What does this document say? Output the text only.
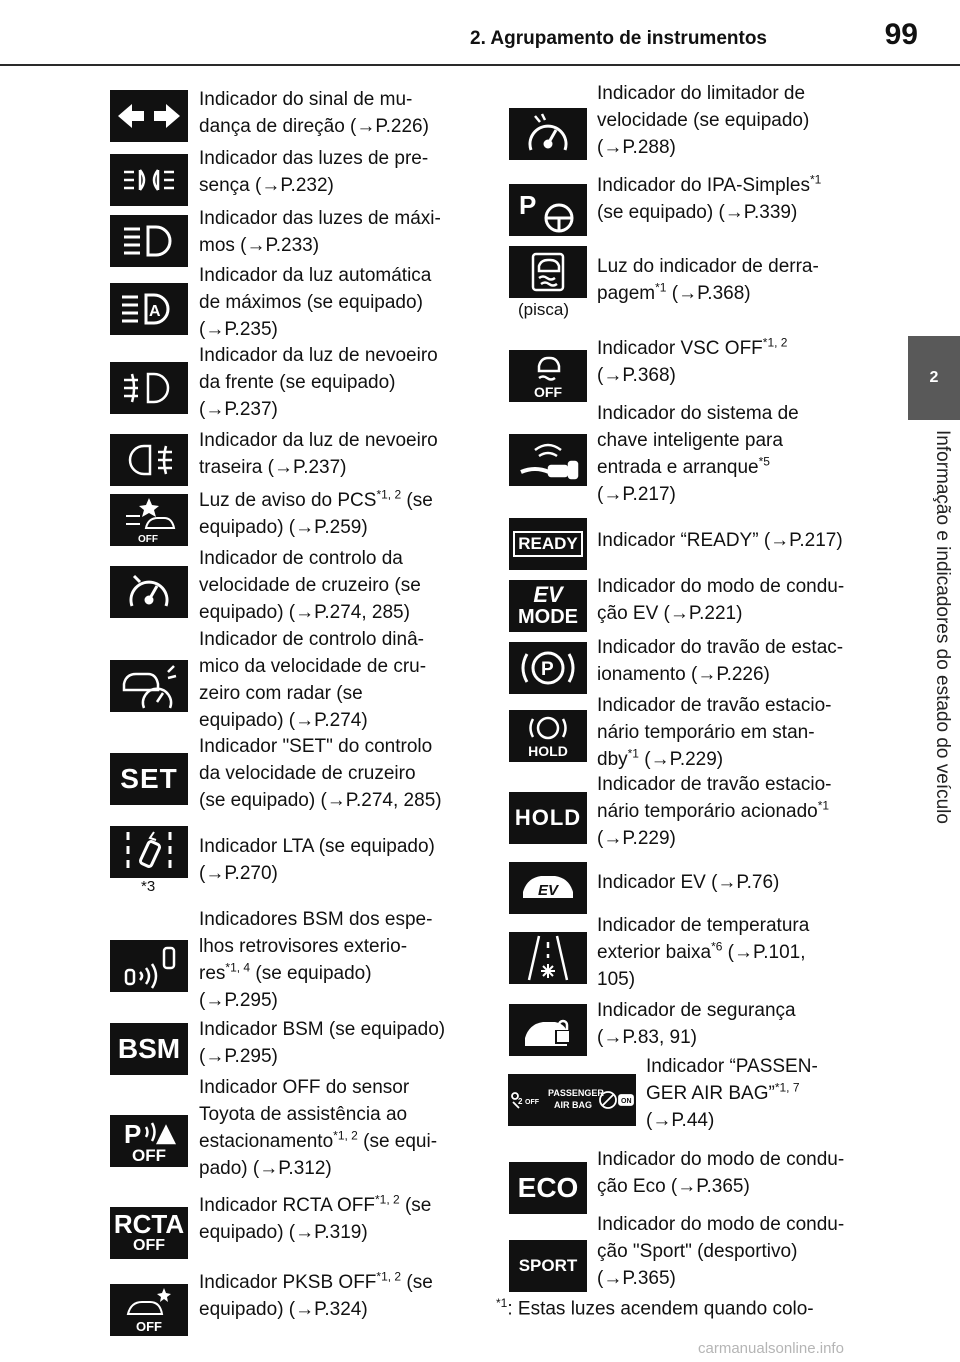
2. Agrupamento de instrumentos	99
2
Informação e indicadores do estado do veículo
Indicador do sinal de mu-
dança de direção (→P.226)
Indicador das luzes de pre-
sença (→P.232)
Indicador das luzes de máxi-
mos (→P.233)
A
Indicador da luz automática
de máximos (se equipado)
(→P.235)
Indicador da luz de nevoeiro
da frente (se equipado)
(→P.237)
Indicador da luz de nevoeiro
traseira (→P.237)
OFF
Luz de aviso do PCS$^{*1, 2}$ (se
equipado) (→P.259)
Indicador de controlo da
velocidade de cruzeiro (se
equipado) (→P.274, 285)
Indicador de controlo dinâ-
mico da velocidade de cru-
zeiro com radar (se
equipado) (→P.274)
SET
Indicador "SET" do controlo
da velocidade de cruzeiro
(se equipado) (→P.274, 285)
*3
Indicador LTA (se equipado)
(→P.270)
Indicadores BSM dos espe-
lhos retrovisores exterio-
res$^{*1, 4}$ (se equipado)
(→P.295)
BSM
Indicador BSM (se equipado)
(→P.295)
P
OFF
Indicador OFF do sensor
Toyota de assistência ao
estacionamento$^{*1, 2}$ (se equi-
pado) (→P.312)
RCTA
OFF
Indicador RCTA OFF$^{*1, 2}$ (se
equipado) (→P.319)
OFF
Indicador PKSB OFF$^{*1, 2}$ (se
equipado) (→P.324)
Indicador do limitador de
velocidade (se equipado)
(→P.288)
P
Indicador do IPA-Simples$^{*1}$
(se equipado) (→P.339)
(pisca)
Luz do indicador de derra-
pagem$^{*1}$ (→P.368)
OFF
Indicador VSC OFF$^{*1, 2}$
(→P.368)
Indicador do sistema de
chave inteligente para
entrada e arranque$^{*5}$
(→P.217)
READY Indicador “READY” (→P.217)
EV
MODE
Indicador do modo de condu-
ção EV (→P.221)
P
Indicador do travão de estac-
ionamento (→P.226)
HOLD
Indicador de travão estacio-
nário temporário em stan-
dby$^{*1}$ (→P.229)
HOLD
Indicador de travão estacio-
nário temporário acionado$^{*1}$
(→P.229)
EV Indicador EV (→P.76)
Indicador de temperatura
exterior baixa$^{*6}$ (→P.101,
105)
Indicador de segurança
(→P.83, 91)
2 OFF
PASSENGER
AIR BAG	ON
Indicador “PASSEN-
GER AIR BAG”$^{*1, 7}$
(→P.44)
ECO
Indicador do modo de condu-
ção Eco (→P.365)
SPORT
Indicador do modo de condu-
ção "Sport" (desportivo)
(→P.365)
$^{*1}$: Estas luzes acendem quando colo-
carmanualsonline.info
